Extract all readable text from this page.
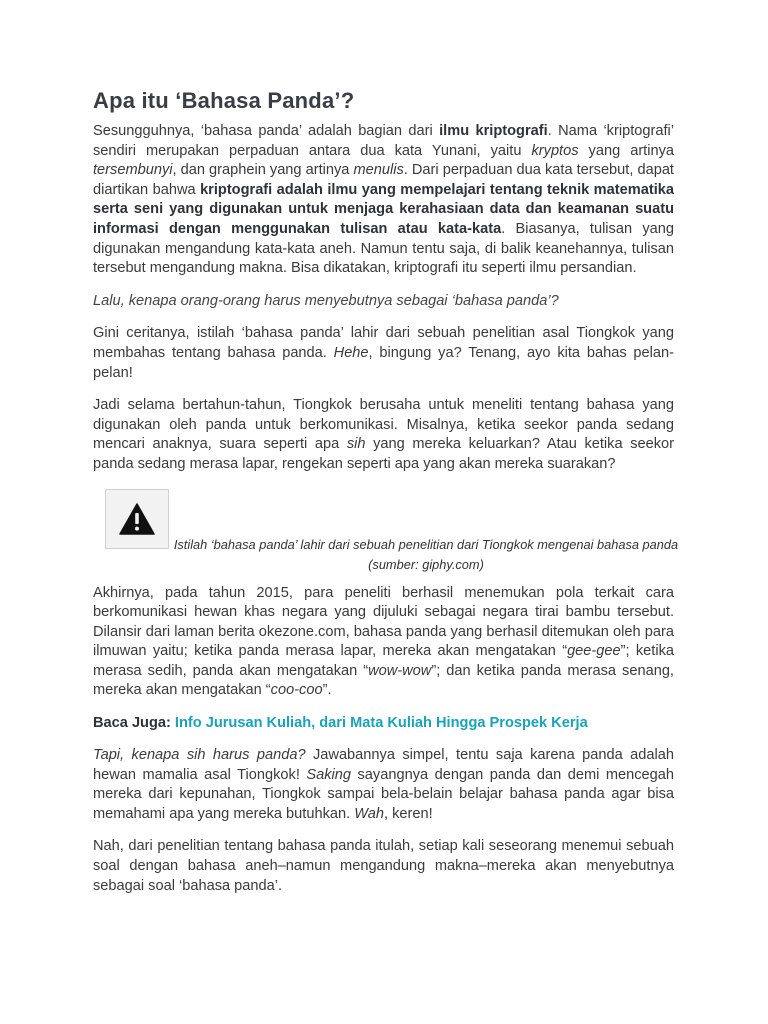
Apa itu ‘Bahasa Panda’?

Sesungguhnya, ‘bahasa panda’ adalah bagian dari ilmu kriptografi. Nama ‘kriptografi’ sendiri merupakan perpaduan antara dua kata Yunani, yaitu kryptos yang artinya tersembunyi, dan graphein yang artinya menulis. Dari perpaduan dua kata tersebut, dapat diartikan bahwa kriptografi adalah ilmu yang mempelajari tentang teknik matematika serta seni yang digunakan untuk menjaga kerahasiaan data dan keamanan suatu informasi dengan menggunakan tulisan atau kata-kata. Biasanya, tulisan yang digunakan mengandung kata-kata aneh. Namun tentu saja, di balik keanehannya, tulisan tersebut mengandung makna. Bisa dikatakan, kriptografi itu seperti ilmu persandian.

Lalu, kenapa orang-orang harus menyebutnya sebagai ‘bahasa panda’?

Gini ceritanya, istilah ‘bahasa panda’ lahir dari sebuah penelitian asal Tiongkok yang membahas tentang bahasa panda. Hehe, bingung ya? Tenang, ayo kita bahas pelan-pelan!

Jadi selama bertahun-tahun, Tiongkok berusaha untuk meneliti tentang bahasa yang digunakan oleh panda untuk berkomunikasi. Misalnya, ketika seekor panda sedang mencari anaknya, suara seperti apa sih yang mereka keluarkan? Atau ketika seekor panda sedang merasa lapar, rengekan seperti apa yang akan mereka suarakan?

Istilah ‘bahasa panda’ lahir dari sebuah penelitian dari Tiongkok mengenai bahasa panda (sumber: giphy.com)

Akhirnya, pada tahun 2015, para peneliti berhasil menemukan pola terkait cara berkomunikasi hewan khas negara yang dijuluki sebagai negara tirai bambu tersebut. Dilansir dari laman berita okezone.com, bahasa panda yang berhasil ditemukan oleh para ilmuwan yaitu; ketika panda merasa lapar, mereka akan mengatakan “gee-gee”; ketika merasa sedih, panda akan mengatakan “wow-wow”; dan ketika panda merasa senang, mereka akan mengatakan “coo-coo”.

Baca Juga: Info Jurusan Kuliah, dari Mata Kuliah Hingga Prospek Kerja

Tapi, kenapa sih harus panda? Jawabannya simpel, tentu saja karena panda adalah hewan mamalia asal Tiongkok! Saking sayangnya dengan panda dan demi mencegah mereka dari kepunahan, Tiongkok sampai bela-belain belajar bahasa panda agar bisa memahami apa yang mereka butuhkan. Wah, keren!

Nah, dari penelitian tentang bahasa panda itulah, setiap kali seseorang menemui sebuah soal dengan bahasa aneh–namun mengandung makna–mereka akan menyebutnya sebagai soal ‘bahasa panda’.
